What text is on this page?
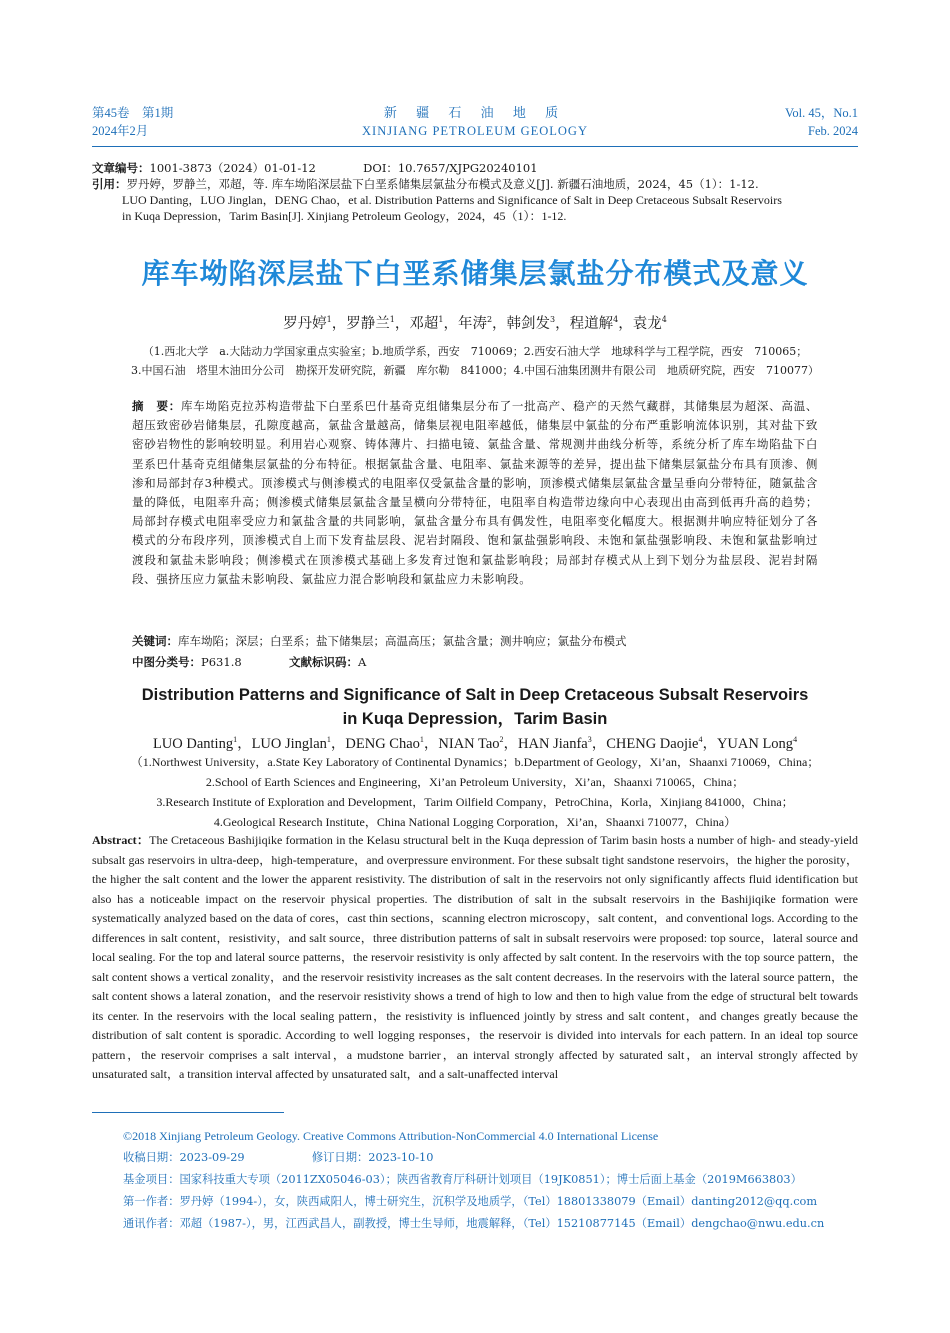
第45卷　第1期
2024年2月
新 疆 石 油 地 质
XINJIANG PETROLEUM GEOLOGY
Vol. 45，No.1
Feb. 2024
文章编号：1001-3873（2024）01-01-12	DOI：10.7657/XJPG20240101
引用：罗丹婷，罗静兰，邓超，等. 库车坳陷深层盐下白垩系储集层氯盐分布模式及意义[J]. 新疆石油地质，2024，45（1）：1-12.
LUO Danting，LUO Jinglan，DENG Chao，et al. Distribution Patterns and Significance of Salt in Deep Cretaceous Subsalt Reservoirs
in Kuqa Depression，Tarim Basin[J]. Xinjiang Petroleum Geology，2024，45（1）：1-12.
库车坳陷深层盐下白垩系储集层氯盐分布模式及意义
罗丹婷$^1$，罗静兰$^1$，邓超$^1$，年涛$^2$，韩剑发$^3$，程道解$^4$，袁龙$^4$
（1.西北大学　a.大陆动力学国家重点实验室；b.地质学系，西安　710069；2.西安石油大学　地球科学与工程学院，西安　710065；
3.中国石油　塔里木油田分公司　勘探开发研究院，新疆　库尔勒　841000；4.中国石油集团测井有限公司　地质研究院，西安　710077）
摘　要：库车坳陷克拉苏构造带盐下白垩系巴什基奇克组储集层分布了一批高产、稳产的天然气藏群，其储集层为超深、高温、超压致密砂岩储集层，孔隙度越高，氯盐含量越高，储集层视电阻率越低，储集层中氯盐的分布严重影响流体识别，其对盐下致密砂岩物性的影响较明显。利用岩心观察、铸体薄片、扫描电镜、氯盐含量、常规测井曲线分析等，系统分析了库车坳陷盐下白垩系巴什基奇克组储集层氯盐的分布特征。根据氯盐含量、电阻率、氯盐来源等的差异，提出盐下储集层氯盐分布具有顶渗、侧渗和局部封存3种模式。顶渗模式与侧渗模式的电阻率仅受氯盐含量的影响，顶渗模式储集层氯盐含量呈垂向分带特征，随氯盐含量的降低，电阻率升高；侧渗模式储集层氯盐含量呈横向分带特征，电阻率自构造带边缘向中心表现出由高到低再升高的趋势；局部封存模式电阻率受应力和氯盐含量的共同影响，氯盐含量分布具有偶发性，电阻率变化幅度大。根据测井响应特征划分了各模式的分布段序列，顶渗模式自上而下发育盐层段、泥岩封隔段、饱和氯盐强影响段、未饱和氯盐强影响段、未饱和氯盐影响过渡段和氯盐未影响段；侧渗模式在顶渗模式基础上多发育过饱和氯盐影响段；局部封存模式从上到下划分为盐层段、泥岩封隔段、强挤压应力氯盐未影响段、氯盐应力混合影响段和氯盐应力未影响段。
关键词：库车坳陷；深层；白垩系；盐下储集层；高温高压；氯盐含量；测井响应；氯盐分布模式
中图分类号：P631.8	文献标识码：A
Distribution Patterns and Significance of Salt in Deep Cretaceous Subsalt Reservoirs
in Kuqa Depression，Tarim Basin
LUO Danting$^1$，LUO Jinglan$^1$，DENG Chao$^1$，NIAN Tao$^2$，HAN Jianfa$^3$，CHENG Daojie$^4$，YUAN Long$^4$
（1.Northwest University，a.State Key Laboratory of Continental Dynamics；b.Department of Geology，Xi’an，Shaanxi 710069，China；
2.School of Earth Sciences and Engineering，Xi’an Petroleum University，Xi’an，Shaanxi 710065，China；
3.Research Institute of Exploration and Development，Tarim Oilfield Company，PetroChina，Korla，Xinjiang 841000，China；
4.Geological Research Institute，China National Logging Corporation，Xi’an，Shaanxi 710077，China）
Abstract：The Cretaceous Bashijiqike formation in the Kelasu structural belt in the Kuqa depression of Tarim basin hosts a number of high- and steady-yield subsalt gas reservoirs in ultra-deep，high-temperature，and overpressure environment. For these subsalt tight sandstone reservoirs，the higher the porosity，the higher the salt content and the lower the apparent resistivity. The distribution of salt in the reservoirs not only significantly affects fluid identification but also has a noticeable impact on the reservoir physical properties. The distribution of salt in the subsalt reservoirs in the Bashijiqike formation were systematically analyzed based on the data of cores，cast thin sections，scanning electron microscopy，salt content，and conventional logs. According to the differences in salt content，resistivity，and salt source，three distribution patterns of salt in subsalt reservoirs were proposed: top source，lateral source and local sealing. For the top and lateral source patterns，the reservoir resistivity is only affected by salt content. In the reservoirs with the top source pattern，the salt content shows a vertical zonality，and the reservoir resistivity increases as the salt content decreases. In the reservoirs with the lateral source pattern，the salt content shows a lateral zonation，and the reservoir resistivity shows a trend of high to low and then to high value from the edge of structural belt towards its center. In the reservoirs with the local sealing pattern，the resistivity is influenced jointly by stress and salt content，and changes greatly because the distribution of salt content is sporadic. According to well logging responses，the reservoir is divided into intervals for each pattern. In an ideal top source pattern，the reservoir comprises a salt interval，a mudstone barrier，an interval strongly affected by saturated salt，an interval strongly affected by unsaturated salt，a transition interval affected by unsaturated salt，and a salt-unaffected interval
©2018 Xinjiang Petroleum Geology. Creative Commons Attribution-NonCommercial 4.0 International License
收稿日期：2023-09-29	修订日期：2023-10-10
基金项目：国家科技重大专项（2011ZX05046-03）；陕西省教育厅科研计划项目（19JK0851）；博士后面上基金（2019M663803）
第一作者：罗丹婷（1994-），女，陕西咸阳人，博士研究生，沉积学及地质学，（Tel）18801338079（Email）danting2012@qq.com
通讯作者：邓超（1987-），男，江西武昌人，副教授，博士生导师，地震解释，（Tel）15210877145（Email）dengchao@nwu.edu.cn
